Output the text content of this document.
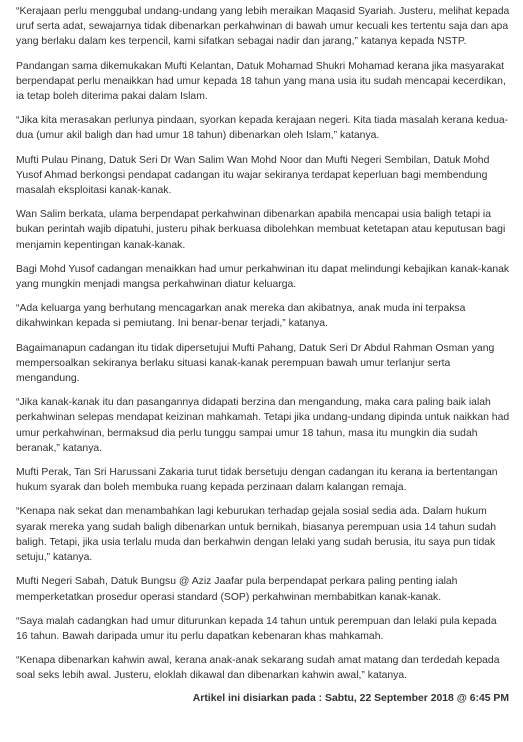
“Kerajaan perlu menggubal undang-undang yang lebih meraikan Maqasid Syariah. Justeru, melihat kepada uruf serta adat, sewajarnya tidak dibenarkan perkahwinan di bawah umur kecuali kes tertentu saja dan apa yang berlaku dalam kes terpencil, kami sifatkan sebagai nadir dan jarang,” katanya kepada NSTP.

Pandangan sama dikemukakan Mufti Kelantan, Datuk Mohamad Shukri Mohamad kerana jika masyarakat berpendapat perlu menaikkan had umur kepada 18 tahun yang mana usia itu sudah mencapai kecerdikan, ia tetap boleh diterima pakai dalam Islam.

“Jika kita merasakan perlunya pindaan, syorkan kepada kerajaan negeri. Kita tiada masalah kerana kedua-dua (umur akil baligh dan had umur 18 tahun) dibenarkan oleh Islam,” katanya.

Mufti Pulau Pinang, Datuk Seri Dr Wan Salim Wan Mohd Noor dan Mufti Negeri Sembilan, Datuk Mohd Yusof Ahmad berkongsi pendapat cadangan itu wajar sekiranya terdapat keperluan bagi membendung masalah eksploitasi kanak-kanak.

Wan Salim berkata, ulama berpendapat perkahwinan dibenarkan apabila mencapai usia baligh tetapi ia bukan perintah wajib dipatuhi, justeru pihak berkuasa dibolehkan membuat ketetapan atau keputusan bagi menjamin kepentingan kanak-kanak.

Bagi Mohd Yusof cadangan menaikkan had umur perkahwinan itu dapat melindungi kebajikan kanak-kanak yang mungkin menjadi mangsa perkahwinan diatur keluarga.

“Ada keluarga yang berhutang mencagarkan anak mereka dan akibatnya, anak muda ini terpaksa dikahwinkan kepada si pemiutang. Ini benar-benar terjadi,” katanya.

Bagaimanapun cadangan itu tidak dipersetujui Mufti Pahang, Datuk Seri Dr Abdul Rahman Osman yang mempersoalkan sekiranya berlaku situasi kanak-kanak perempuan bawah umur terlanjur serta mengandung.

“Jika kanak-kanak itu dan pasangannya didapati berzina dan mengandung, maka cara paling baik ialah perkahwinan selepas mendapat keizinan mahkamah. Tetapi jika undang-undang dipinda untuk naikkan had umur perkahwinan, bermaksud dia perlu tunggu sampai umur 18 tahun, masa itu mungkin dia sudah beranak,” katanya.

Mufti Perak, Tan Sri Harussani Zakaria turut tidak bersetuju dengan cadangan itu kerana ia bertentangan hukum syarak dan boleh membuka ruang kepada perzinaan dalam kalangan remaja.

“Kenapa nak sekat dan menambahkan lagi keburukan terhadap gejala sosial sedia ada. Dalam hukum syarak mereka yang sudah baligh dibenarkan untuk bernikah, biasanya perempuan usia 14 tahun sudah baligh. Tetapi, jika usia terlalu muda dan berkahwin dengan lelaki yang sudah berusia, itu saya pun tidak setuju,” katanya.

Mufti Negeri Sabah, Datuk Bungsu @ Aziz Jaafar pula berpendapat perkara paling penting ialah memperketatkan prosedur operasi standard (SOP) perkahwinan membabitkan kanak-kanak.

“Saya malah cadangkan had umur diturunkan kepada 14 tahun untuk perempuan dan lelaki pula kepada 16 tahun. Bawah daripada umur itu perlu dapatkan kebenaran khas mahkamah.

“Kenapa dibenarkan kahwin awal, kerana anak-anak sekarang sudah amat matang dan terdedah kepada soal seks lebih awal. Justeru, eloklah dikawal dan dibenarkan kahwin awal,” katanya.

Artikel ini disiarkan pada : Sabtu, 22 September 2018 @ 6:45 PM
